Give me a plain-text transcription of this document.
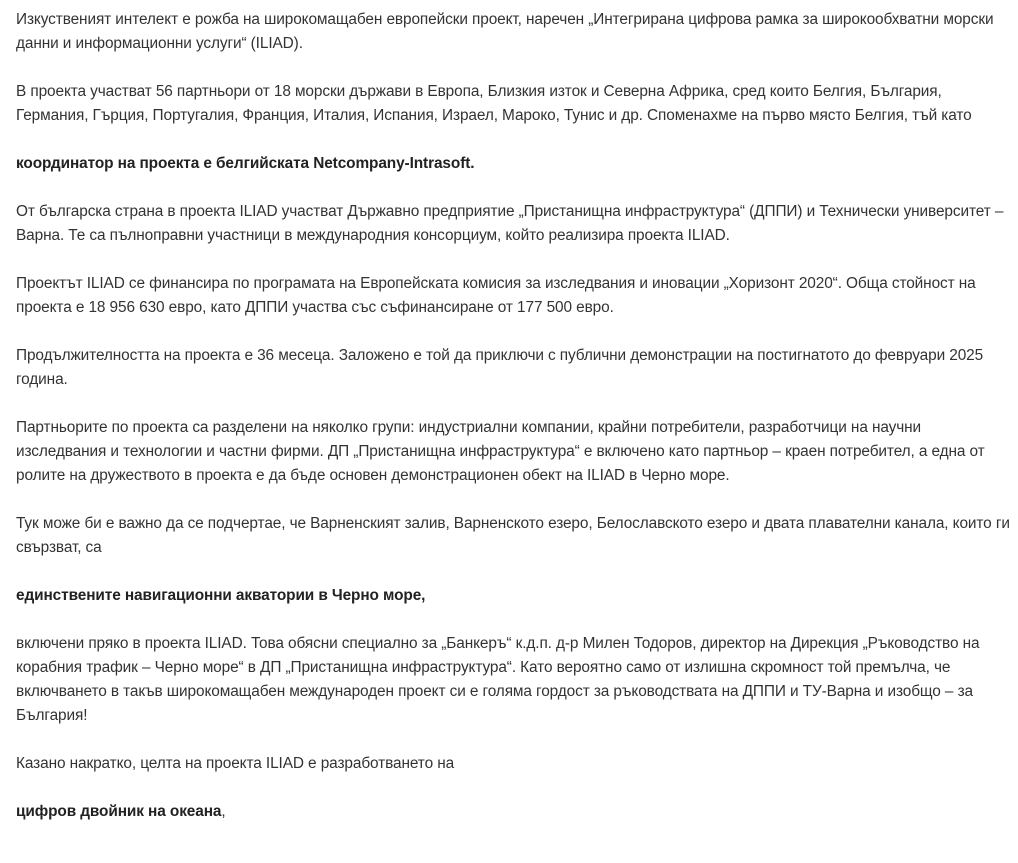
Изкуственият интелект е рожба на широкомащабен европейски проект, наречен „Интегрирана цифрова рамка за широкообхватни морски данни и информационни услуги“ (ILIAD).

В проекта участват 56 партньори от 18 морски държави в Европа, Близкия изток и Северна Африка, сред които Белгия, България, Германия, Гърция, Португалия, Франция, Италия, Испания, Израел, Мароко, Тунис и др. Споменахме на първо място Белгия, тъй като

координатор на проекта е белгийската Netcompany-Intrasoft.

От българска страна в проекта ILIAD участват Държавно предприятие „Пристанищна инфраструктура“ (ДППИ) и Технически университет – Варна. Те са пълноправни участници в международния консорциум, който реализира проекта ILIAD.

Проектът ILIAD се финансира по програмата на Европейската комисия за изследвания и иновации „Хоризонт 2020“. Обща стойност на проекта е 18 956 630 евро, като ДППИ участва със съфинансиране от 177 500 евро.

Продължителността на проекта е 36 месеца. Заложено е той да приключи с публични демонстрации на постигнатото до февруари 2025 година.

Партньорите по проекта са разделени на няколко групи: индустриални компании, крайни потребители, разработчици на научни изследвания и технологии и частни фирми. ДП „Пристанищна инфраструктура“ е включено като партньор – краен потребител, а една от ролите на дружеството в проекта е да бъде основен демонстрационен обект на ILIAD в Черно море.

Тук може би е важно да се подчертае, че Варненският залив, Варненското езеро, Белославското езеро и двата плавателни канала, които ги свързват, са

единствените навигационни акватории в Черно море,

включени пряко в проекта ILIAD. Това обясни специално за „Банкеръ“ к.д.п. д-р Милен Тодоров, директор на Дирекция „Ръководство на корабния трафик – Черно море“ в ДП „Пристанищна инфраструктура“. Като вероятно само от излишна скромност той премълча, че включването в такъв широкомащабен международен проект си е голяма гордост за ръководствата на ДППИ и ТУ-Варна и изобщо – за България!

Казано накратко, целта на проекта ILIAD е разработването на

цифров двойник на океана,
